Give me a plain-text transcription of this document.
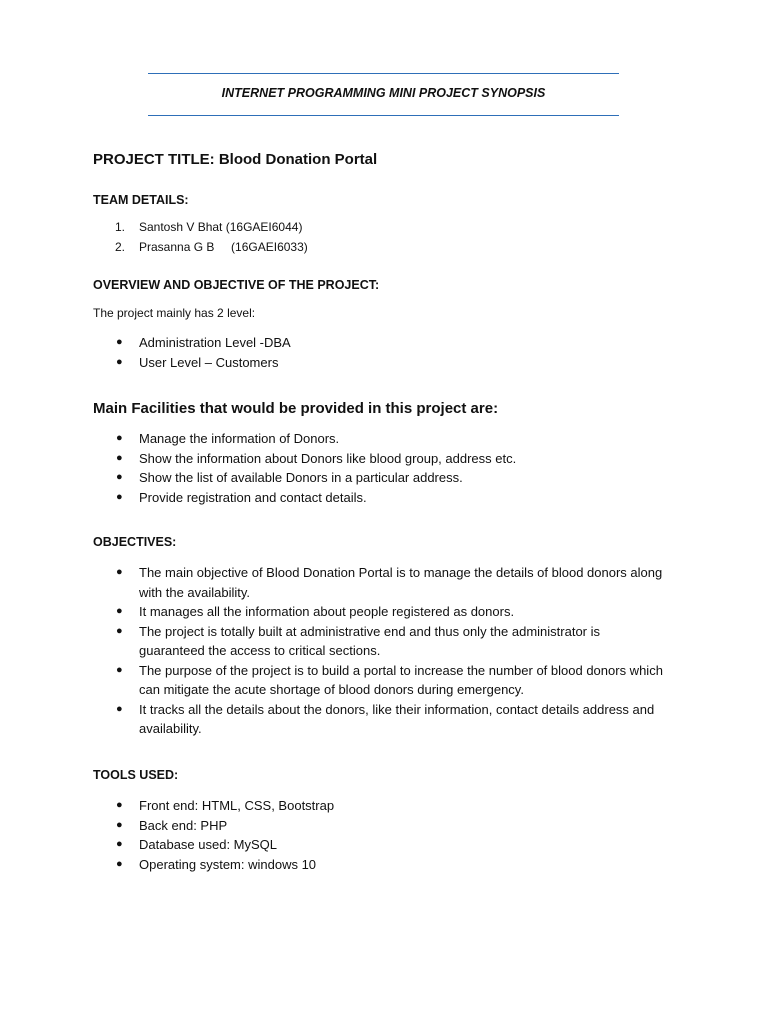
INTERNET PROGRAMMING MINI PROJECT SYNOPSIS
PROJECT TITLE: Blood Donation Portal
TEAM DETAILS:
1.	Santosh V Bhat (16GAEI6044)
2.	Prasanna G B     (16GAEI6033)
OVERVIEW AND OBJECTIVE OF THE PROJECT:
The project mainly has 2 level:
● Administration Level -DBA
● User Level – Customers
Main Facilities that would be provided in this project are:
● Manage the information of Donors.
● Show the information about Donors like blood group, address etc.
● Show the list of available Donors in a particular address.
● Provide registration and contact details.
OBJECTIVES:
● The main objective of Blood Donation Portal is to manage the details of blood donors along with the availability.
● It manages all the information about people registered as donors.
● The project is totally built at administrative end and thus only the administrator is guaranteed the access to critical sections.
● The purpose of the project is to build a portal to increase the number of blood donors which can mitigate the acute shortage of blood donors during emergency.
● It tracks all the details about the donors, like their information, contact details address and availability.
TOOLS USED:
● Front end: HTML, CSS, Bootstrap
● Back end: PHP
● Database used: MySQL
● Operating system: windows 10
